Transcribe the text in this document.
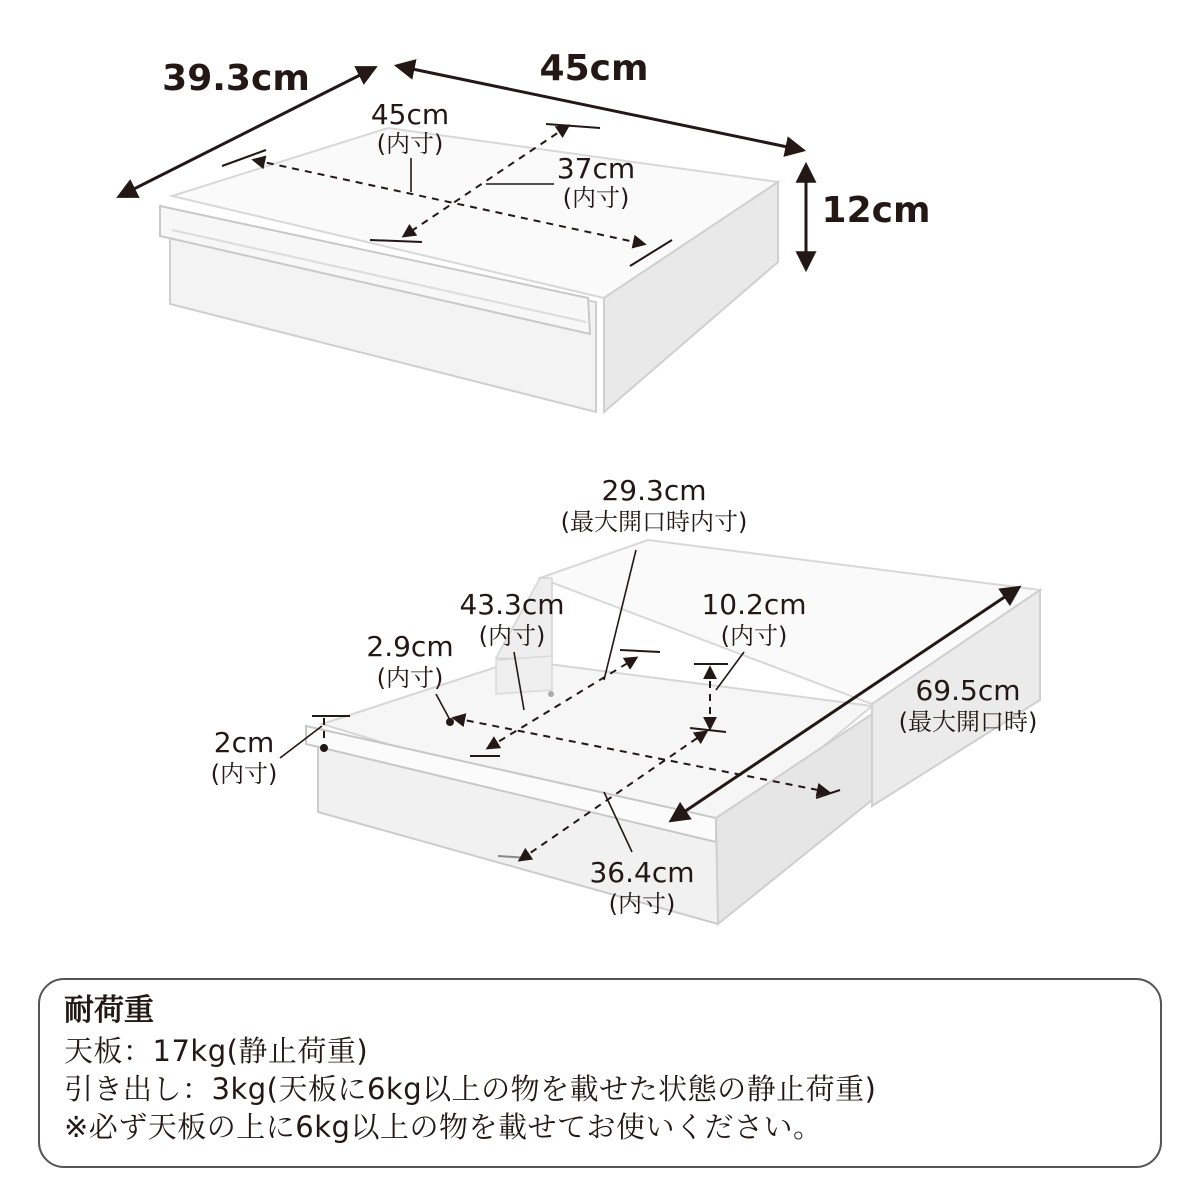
39.3cm	45cm
12cm
45cm
(内寸)
37cm
(内寸)
29.3cm
(最大開口時内寸)
43.3cm
(内寸)
10.2cm
(内寸)
2.9cm
(内寸)	69.5cm
(最大開口時)
2cm
(内寸)
36.4cm
(内寸)

耐荷重

天板：17kg(静止荷重)

引き出し：3kg(天板に6kg以上の物を載せた状態の静止荷重)

※必ず天板の上に6kg以上の物を載せてお使いください。
